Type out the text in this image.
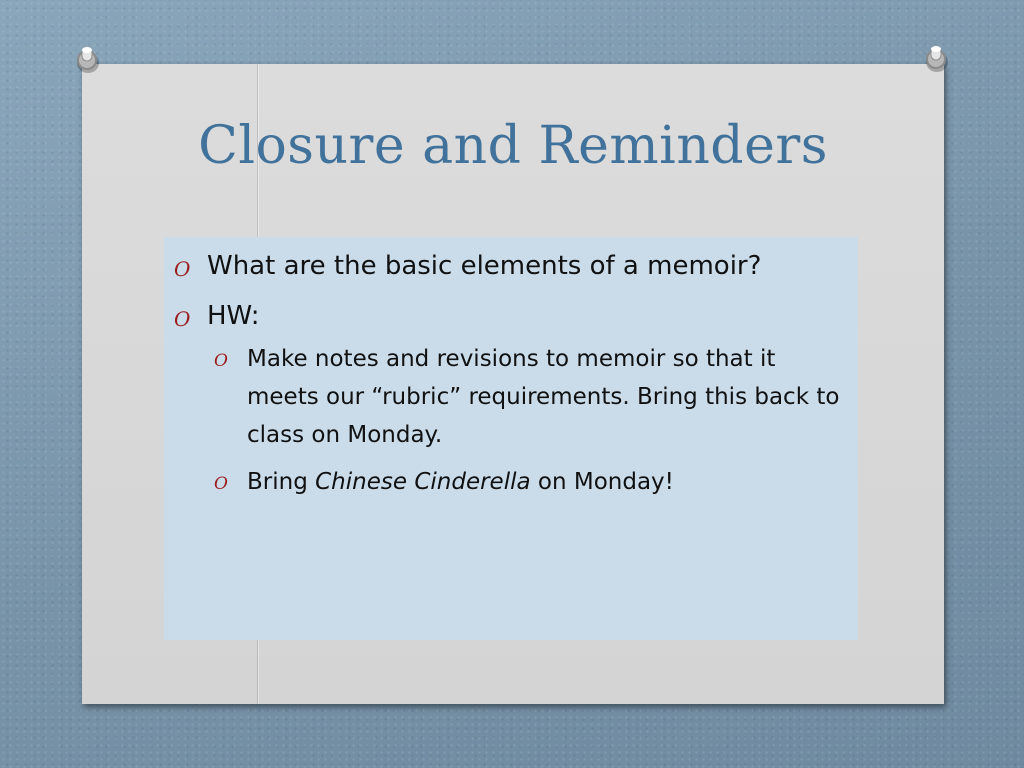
Closure and Reminders
O What are the basic elements of a memoir?
O HW:
O Make notes and revisions to memoir so that it meets our “rubric” requirements. Bring this back to class on Monday.
O Bring Chinese Cinderella on Monday!
